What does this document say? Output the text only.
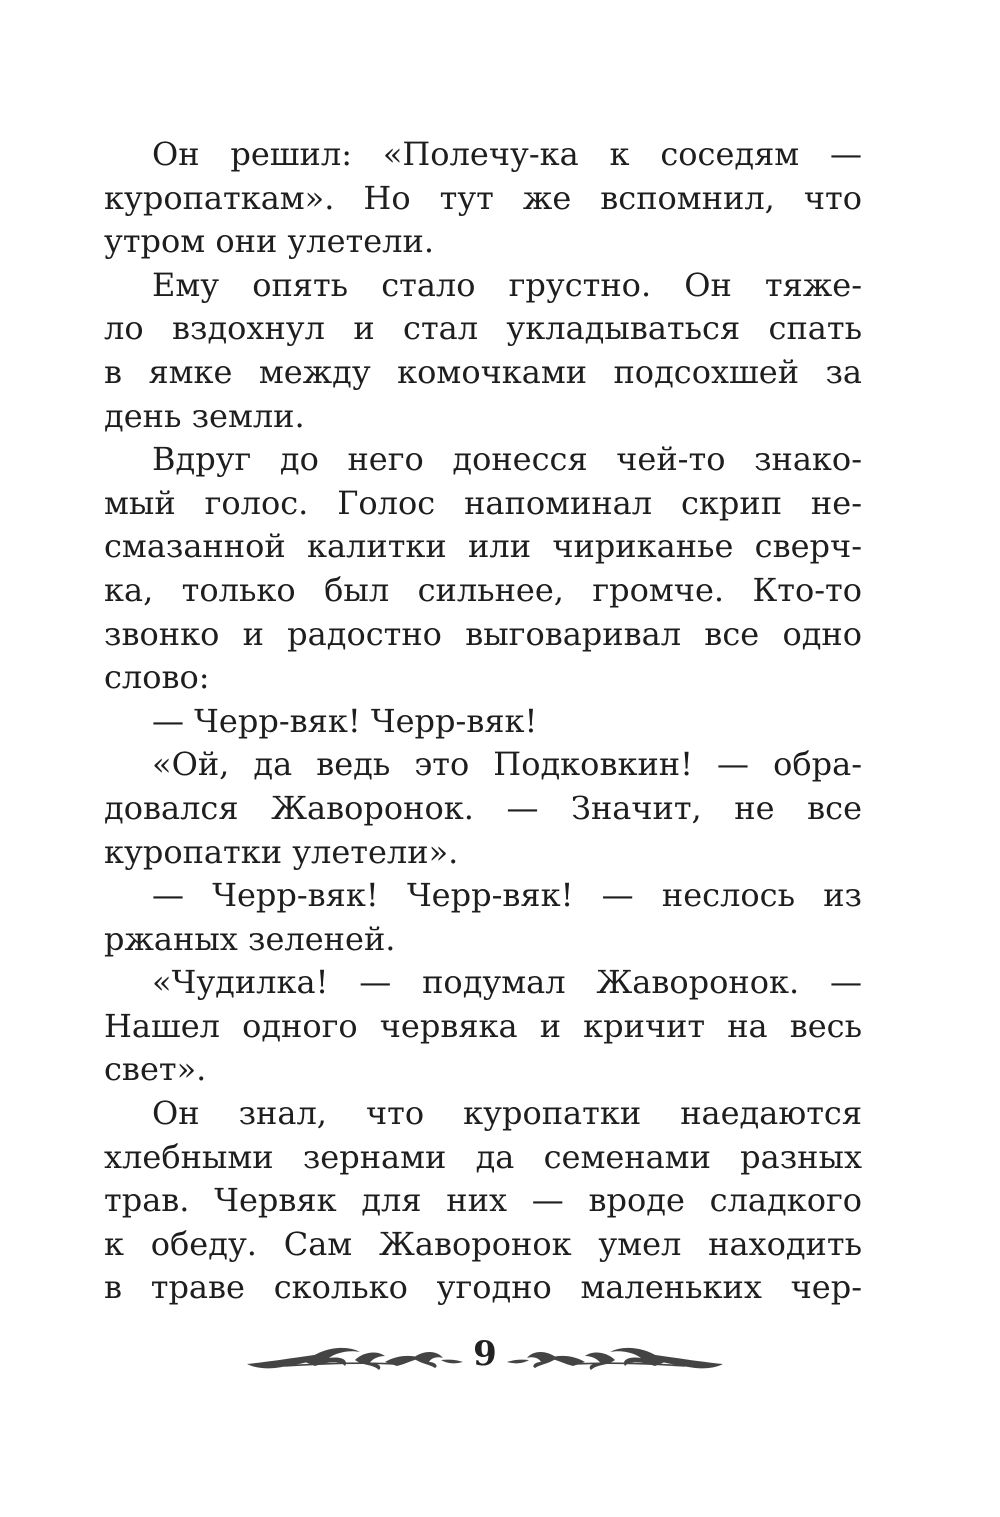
Он решил: «Полечу-ка к соседям —
куропаткам». Но тут же вспомнил, что
утром они улетели.
Ему опять стало грустно. Он тяже-
ло вздохнул и стал укладываться спать
в ямке между комочками подсохшей за
день земли.
Вдруг до него донесся чей-то знако-
мый голос. Голос напоминал скрип не-
смазанной калитки или чириканье сверч-
ка, только был сильнее, громче. Кто-то
звонко и радостно выговаривал все одно
слово:
— Черр-вяк! Черр-вяк!
«Ой, да ведь это Подковкин! — обра-
довался Жаворонок. — Значит, не все
куропатки улетели».
— Черр-вяк! Черр-вяк! — неслось из
ржаных зеленей.
«Чудилка! — подумал Жаворонок. —
Нашел одного червяка и кричит на весь
свет».
Он знал, что куропатки наедаются
хлебными зернами да семенами разных
трав. Червяк для них — вроде сладкого
к обеду. Сам Жаворонок умел находить
в траве сколько угодно маленьких чер-
9
